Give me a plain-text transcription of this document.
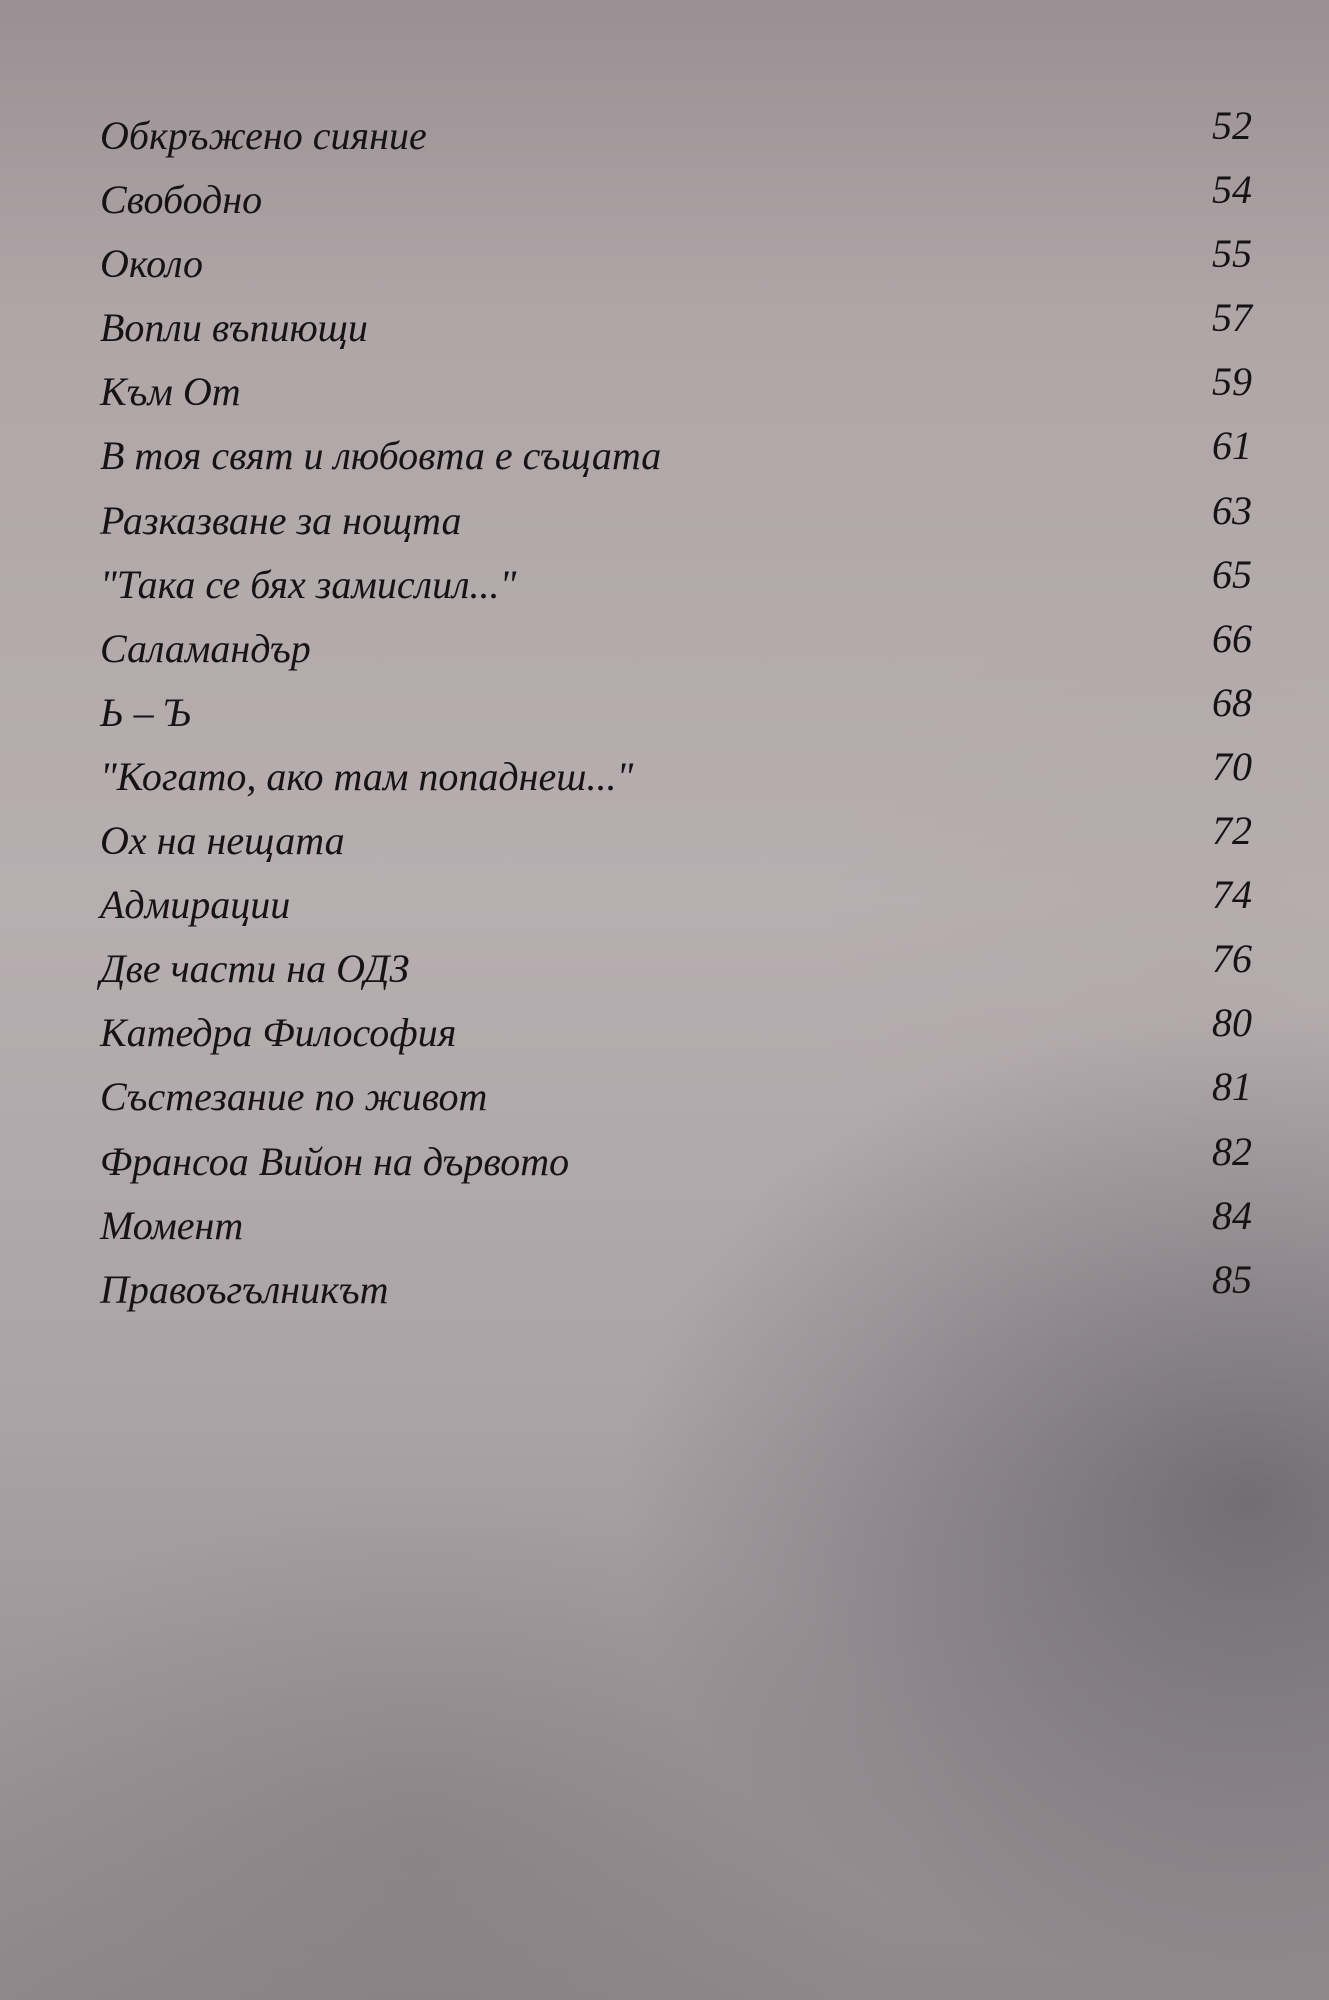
Обкръжено сияние	52
Свободно	54
Около	55
Вопли въпиющи	57
Към От	59
В тоя свят и любовта е същата	61
Разказване за нощта	63
"Така се бях замислил..."	65
Саламандър	66
Ь – Ъ	68
"Когато, ако там попаднеш..."	70
Ох на нещата	72
Адмирации	74
Две части на ОДЗ	76
Катедра Философия	80
Състезание по живот	81
Франсоа Вийон на дървото	82
Момент	84
Правоъгълникът	85
